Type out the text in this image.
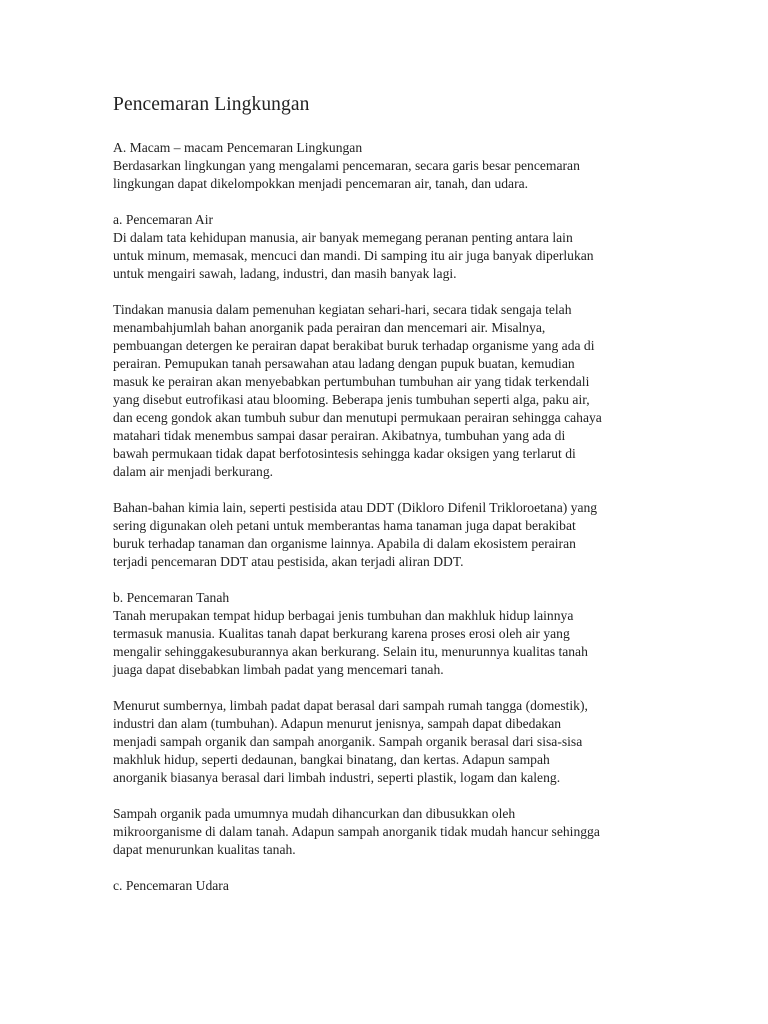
Pencemaran Lingkungan

A. Macam – macam Pencemaran Lingkungan

Berdasarkan lingkungan yang mengalami pencemaran, secara garis besar pencemaran

lingkungan dapat dikelompokkan menjadi pencemaran air, tanah, dan udara.

a. Pencemaran Air

Di dalam tata kehidupan manusia, air banyak memegang peranan penting antara lain

untuk minum, memasak, mencuci dan mandi. Di samping itu air juga banyak diperlukan

untuk mengairi sawah, ladang, industri, dan masih banyak lagi.

Tindakan manusia dalam pemenuhan kegiatan sehari-hari, secara tidak sengaja telah

menambahjumlah bahan anorganik pada perairan dan mencemari air. Misalnya,

pembuangan detergen ke perairan dapat berakibat buruk terhadap organisme yang ada di

perairan. Pemupukan tanah persawahan atau ladang dengan pupuk buatan, kemudian

masuk ke perairan akan menyebabkan pertumbuhan tumbuhan air yang tidak terkendali

yang disebut eutrofikasi atau blooming. Beberapa jenis tumbuhan seperti alga, paku air,

dan eceng gondok akan tumbuh subur dan menutupi permukaan perairan sehingga cahaya

matahari tidak menembus sampai dasar perairan. Akibatnya, tumbuhan yang ada di

bawah permukaan tidak dapat berfotosintesis sehingga kadar oksigen yang terlarut di

dalam air menjadi berkurang.

Bahan-bahan kimia lain, seperti pestisida atau DDT (Dikloro Difenil Trikloroetana) yang

sering digunakan oleh petani untuk memberantas hama tanaman juga dapat berakibat

buruk terhadap tanaman dan organisme lainnya. Apabila di dalam ekosistem perairan

terjadi pencemaran DDT atau pestisida, akan terjadi aliran DDT.

b. Pencemaran Tanah

Tanah merupakan tempat hidup berbagai jenis tumbuhan dan makhluk hidup lainnya

termasuk manusia. Kualitas tanah dapat berkurang karena proses erosi oleh air yang

mengalir sehinggakesuburannya akan berkurang. Selain itu, menurunnya kualitas tanah

juaga dapat disebabkan limbah padat yang mencemari tanah.

Menurut sumbernya, limbah padat dapat berasal dari sampah rumah tangga (domestik),

industri dan alam (tumbuhan). Adapun menurut jenisnya, sampah dapat dibedakan

menjadi sampah organik dan sampah anorganik. Sampah organik berasal dari sisa-sisa

makhluk hidup, seperti dedaunan, bangkai binatang, dan kertas. Adapun sampah

anorganik biasanya berasal dari limbah industri, seperti plastik, logam dan kaleng.

Sampah organik pada umumnya mudah dihancurkan dan dibusukkan oleh

mikroorganisme di dalam tanah. Adapun sampah anorganik tidak mudah hancur sehingga

dapat menurunkan kualitas tanah.

c. Pencemaran Udara
